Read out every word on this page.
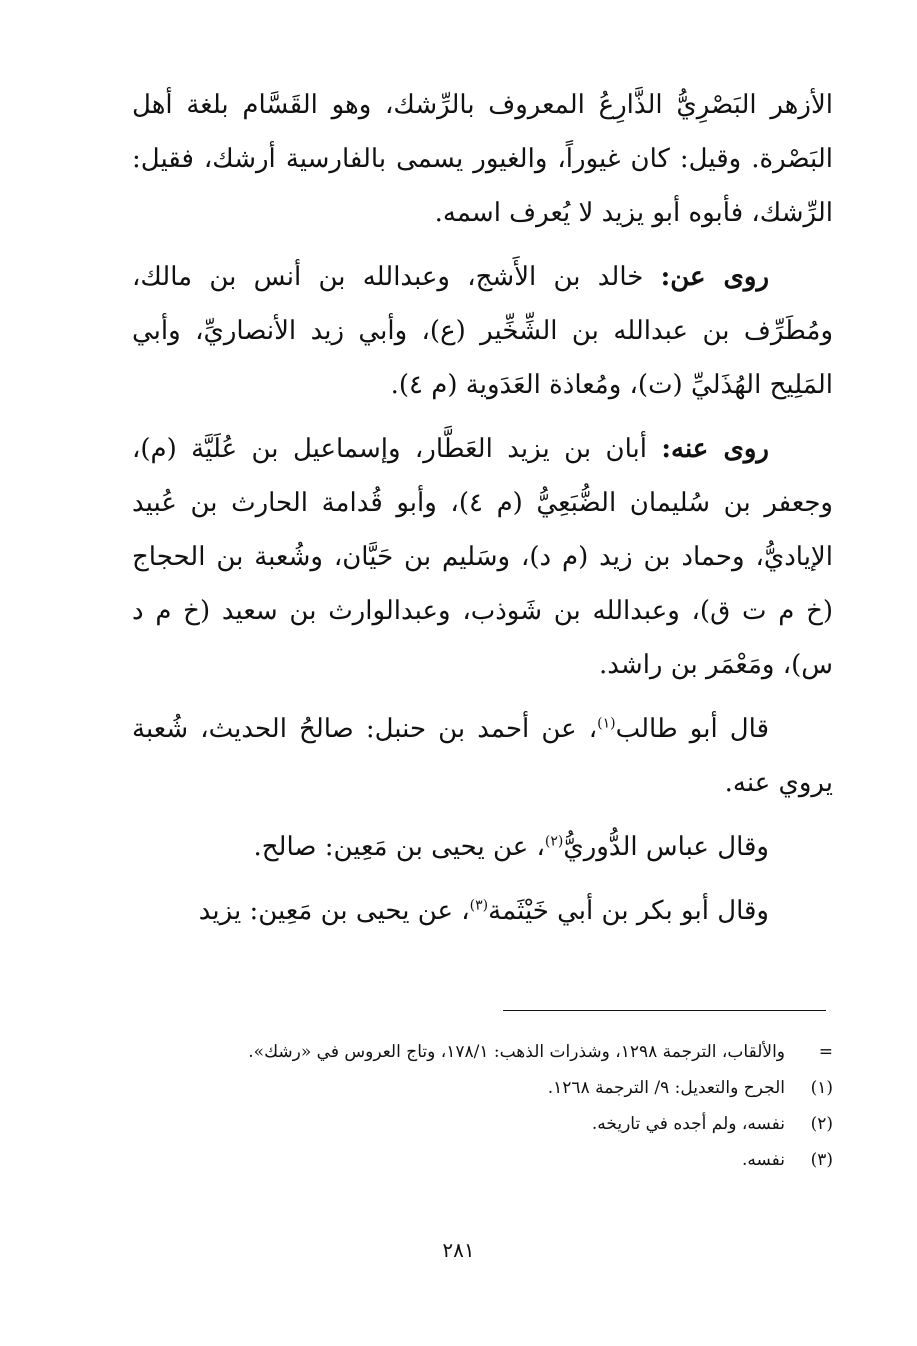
الأزهر البَصْرِيُّ الذَّارِعُ المعروف بالرِّشك، وهو القَسَّام بلغة أهل البَصْرة. وقيل: كان غيوراً، والغيور يسمى بالفارسية أرشك، فقيل: الرِّشك، فأبوه أبو يزيد لا يُعرف اسمه.

روى عن: خالد بن الأَشج، وعبدالله بن أنس بن مالك، ومُطَرِّف بن عبدالله بن الشِّخِّير (ع)، وأبي زيد الأنصاريِّ، وأبي المَلِيح الهُذَليِّ (ت)، ومُعاذة العَدَوية (م ٤).

روى عنه: أبان بن يزيد العَطَّار، وإسماعيل بن عُلَيَّة (م)، وجعفر بن سُليمان الضُّبَعِيُّ (م ٤)، وأبو قُدامة الحارث بن عُبيد الإياديُّ، وحماد بن زيد (م د)، وسَليم بن حَيَّان، وشُعبة بن الحجاج (خ م ت ق)، وعبدالله بن شَوذب، وعبدالوارث بن سعيد (خ م د س)، ومَعْمَر بن راشد.

قال أبو طالب$^{(١)}$، عن أحمد بن حنبل: صالحُ الحديث، شُعبة يروي عنه.

وقال عباس الدُّوريُّ$^{(٢)}$، عن يحيى بن مَعِين: صالح.

وقال أبو بكر بن أبي خَيْثَمة$^{(٣)}$، عن يحيى بن مَعِين: يزيد

=
والألقاب، الترجمة ١٢٩٨، وشذرات الذهب: ١٧٨/١، وتاج العروس في «رشك».
(١)
الجرح والتعديل: ٩/ الترجمة ١٢٦٨.
(٢)
نفسه، ولم أجده في تاريخه.
(٣)
نفسه.
٢٨١
